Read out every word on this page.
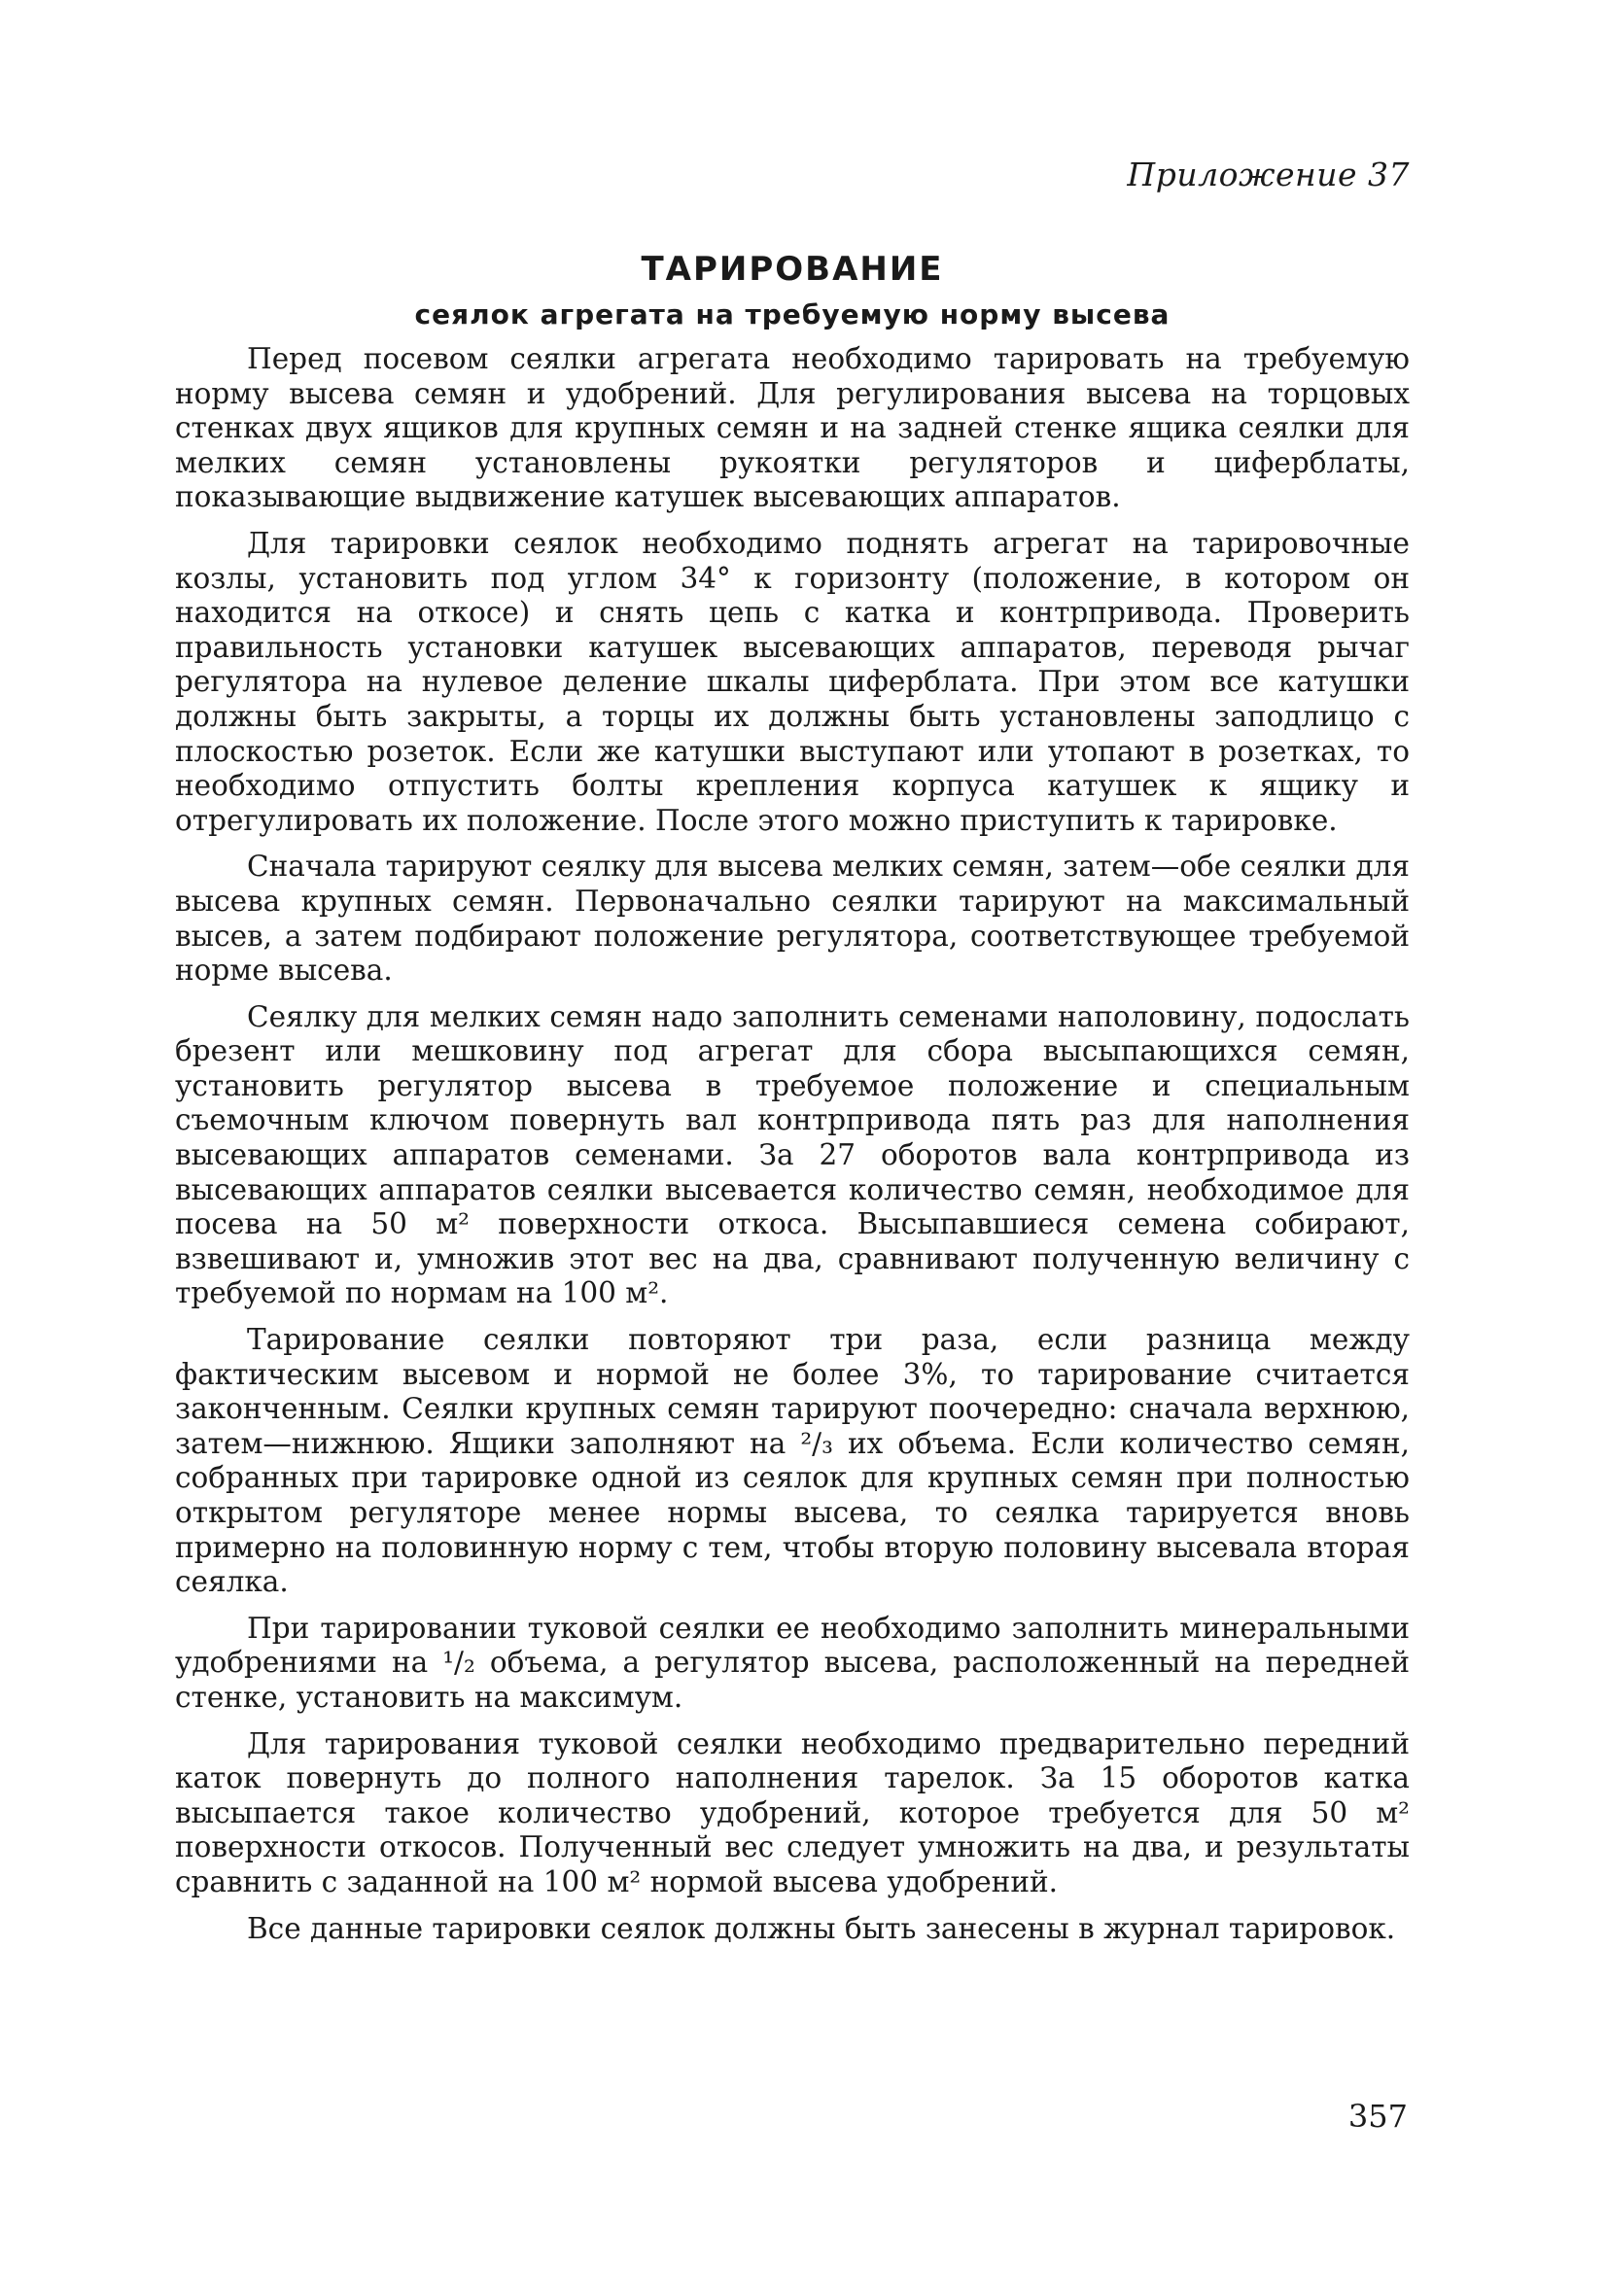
Приложение 37
ТАРИРОВАНИЕ
сеялок агрегата на требуемую норму высева

Перед посевом сеялки агрегата необходимо тарировать на требуемую норму высева семян и удобрений. Для регулирования высева на торцовых стенках двух ящиков для крупных семян и на задней стенке ящика сеялки для мелких семян установлены рукоятки регуляторов и циферблаты, показывающие выдвижение катушек высевающих аппаратов.

Для тарировки сеялок необходимо поднять агрегат на тарировочные козлы, установить под углом 34° к горизонту (положение, в котором он находится на откосе) и снять цепь с катка и контрпривода. Проверить правильность установки катушек высевающих аппаратов, переводя рычаг регулятора на нулевое деление шкалы циферблата. При этом все катушки должны быть закрыты, а торцы их должны быть установлены заподлицо с плоскостью розеток. Если же катушки выступают или утопают в розетках, то необходимо отпустить болты крепления корпуса катушек к ящику и отрегулировать их положение. После этого можно приступить к тарировке.

Сначала тарируют сеялку для высева мелких семян, затем—обе сеялки для высева крупных семян. Первоначально сеялки тарируют на максимальный высев, а затем подбирают положение регулятора, соответствующее требуемой норме высева.

Сеялку для мелких семян надо заполнить семенами наполовину, подослать брезент или мешковину под агрегат для сбора высыпающихся семян, установить регулятор высева в требуемое положение и специальным съемочным ключом повернуть вал контрпривода пять раз для наполнения высевающих аппаратов семенами. За 27 оборотов вала контрпривода из высевающих аппаратов сеялки высевается количество семян, необходимое для посева на 50 м² поверхности откоса. Высыпавшиеся семена собирают, взвешивают и, умножив этот вес на два, сравнивают полученную величину с требуемой по нормам на 100 м².

Тарирование сеялки повторяют три раза, если разница между фактическим высевом и нормой не более 3%, то тарирование считается законченным. Сеялки крупных семян тарируют поочередно: сначала верхнюю, затем—нижнюю. Ящики заполняют на ²/₃ их объема. Если количество семян, собранных при тарировке одной из сеялок для крупных семян при полностью открытом регуляторе менее нормы высева, то сеялка тарируется вновь примерно на половинную норму с тем, чтобы вторую половину высевала вторая сеялка.

При тарировании туковой сеялки ее необходимо заполнить минеральными удобрениями на ¹/₂ объема, а регулятор высева, расположенный на передней стенке, установить на максимум.

Для тарирования туковой сеялки необходимо предварительно передний каток повернуть до полного наполнения тарелок. За 15 оборотов катка высыпается такое количество удобрений, которое требуется для 50 м² поверхности откосов. Полученный вес следует умножить на два, и результаты сравнить с заданной на 100 м² нормой высева удобрений.

Все данные тарировки сеялок должны быть занесены в журнал тарировок.

357
